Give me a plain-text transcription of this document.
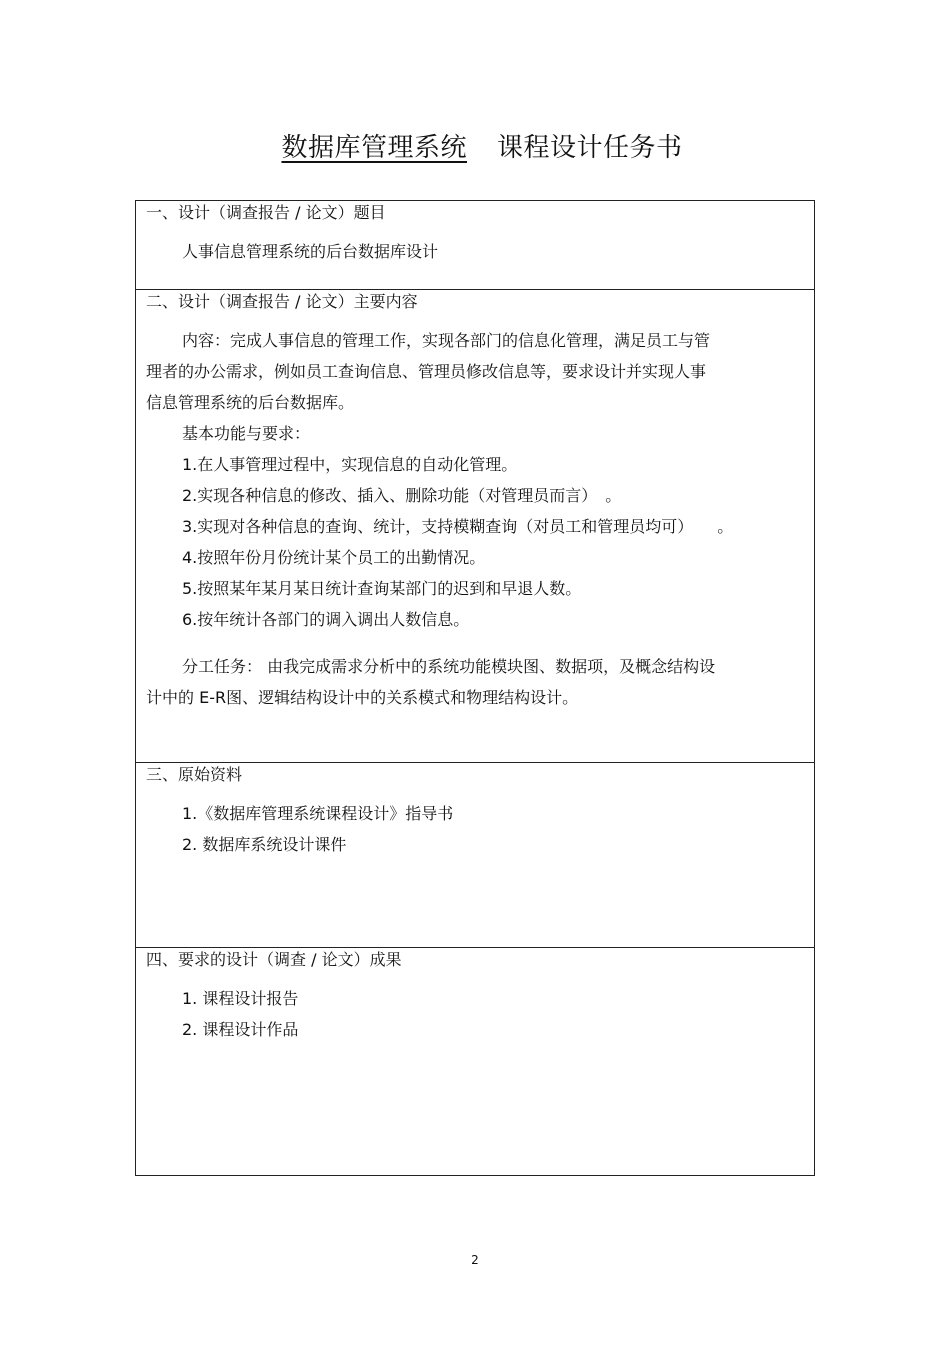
数据库管理系统 课程设计任务书
一、设计（调查报告 / 论文）题目
人事信息管理系统的后台数据库设计
二、设计（调查报告 / 论文）主要内容
内容：完成人事信息的管理工作，实现各部门的信息化管理，满足员工与管
理者的办公需求，例如员工查询信息、管理员修改信息等，要求设计并实现人事
信息管理系统的后台数据库。
基本功能与要求：
1.在人事管理过程中，实现信息的自动化管理。
2.实现各种信息的修改、插入、删除功能（对管理员而言）　。
3.实现对各种信息的查询、统计，支持模糊查询（对员工和管理员均可）　　。
4.按照年份月份统计某个员工的出勤情况。
5.按照某年某月某日统计查询某部门的迟到和早退人数。
6.按年统计各部门的调入调出人数信息。
分工任务： 由我完成需求分析中的系统功能模块图、数据项，及概念结构设
计中的 E-R图、逻辑结构设计中的关系模式和物理结构设计。
三、原始资料
1.《数据库管理系统课程设计》指导书
2. 数据库系统设计课件
四、要求的设计（调查 / 论文）成果
1. 课程设计报告
2. 课程设计作品
2
